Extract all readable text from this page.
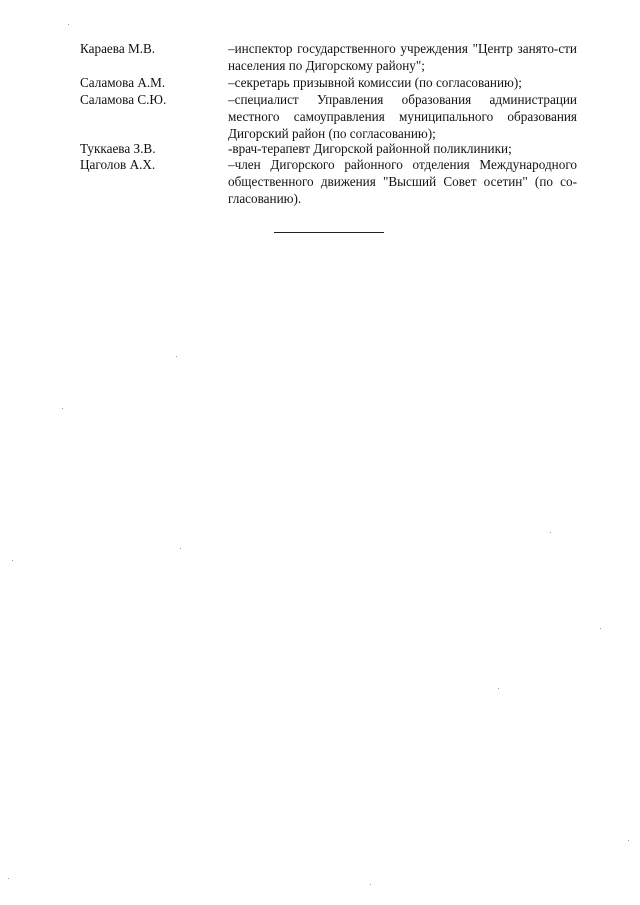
Караева М.В.	–инспектор государственного учреждения "Центр занято-сти населения по Дигорскому району";
Саламова А.М.	–секретарь призывной комиссии (по согласованию);
Саламова С.Ю.	–специалист Управления образования администрации местного самоуправления муниципального образования Дигорский район (по согласованию);
Туккаева З.В.	-врач-терапевт Дигорской районной поликлиники;
Цаголов А.Х.	–член Дигорского районного отделения Международного общественного движения "Высший Совет осетин" (по со-гласованию).
